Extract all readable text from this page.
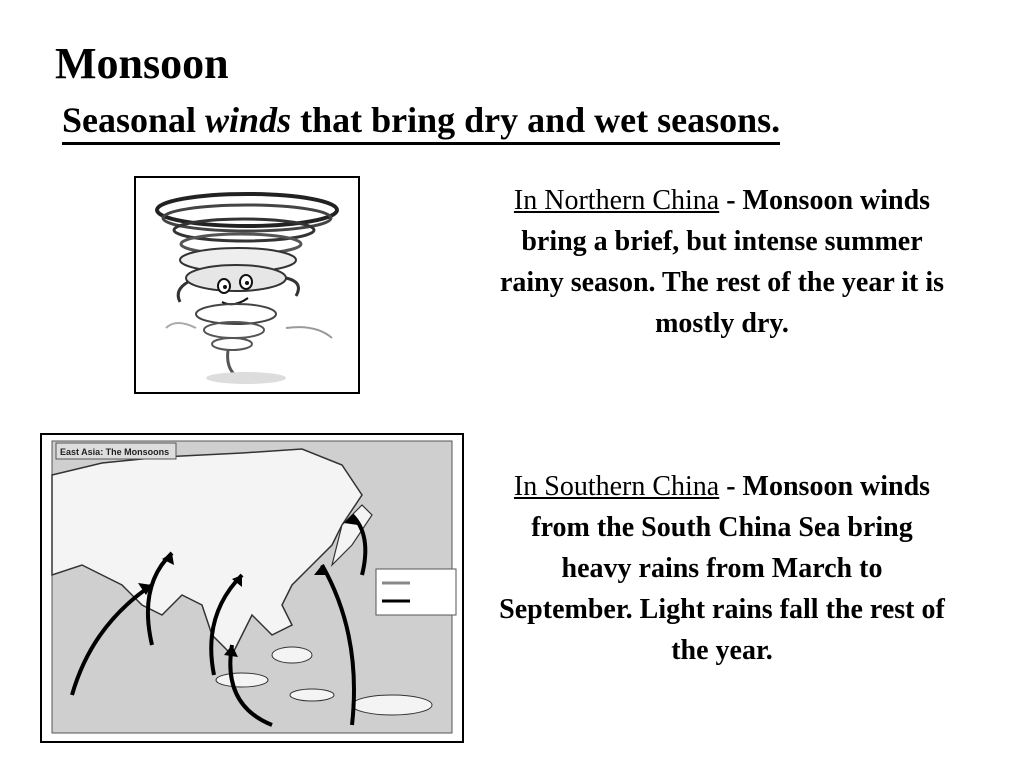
Monsoon
Seasonal winds that bring dry and wet seasons.
East Asia: The Monsoons
In Northern China - Monsoon winds bring a brief, but intense summer rainy season. The rest of the year it is mostly dry.
In Southern China - Monsoon winds from the South China Sea bring heavy rains from March to September. Light rains fall the rest of the year.
